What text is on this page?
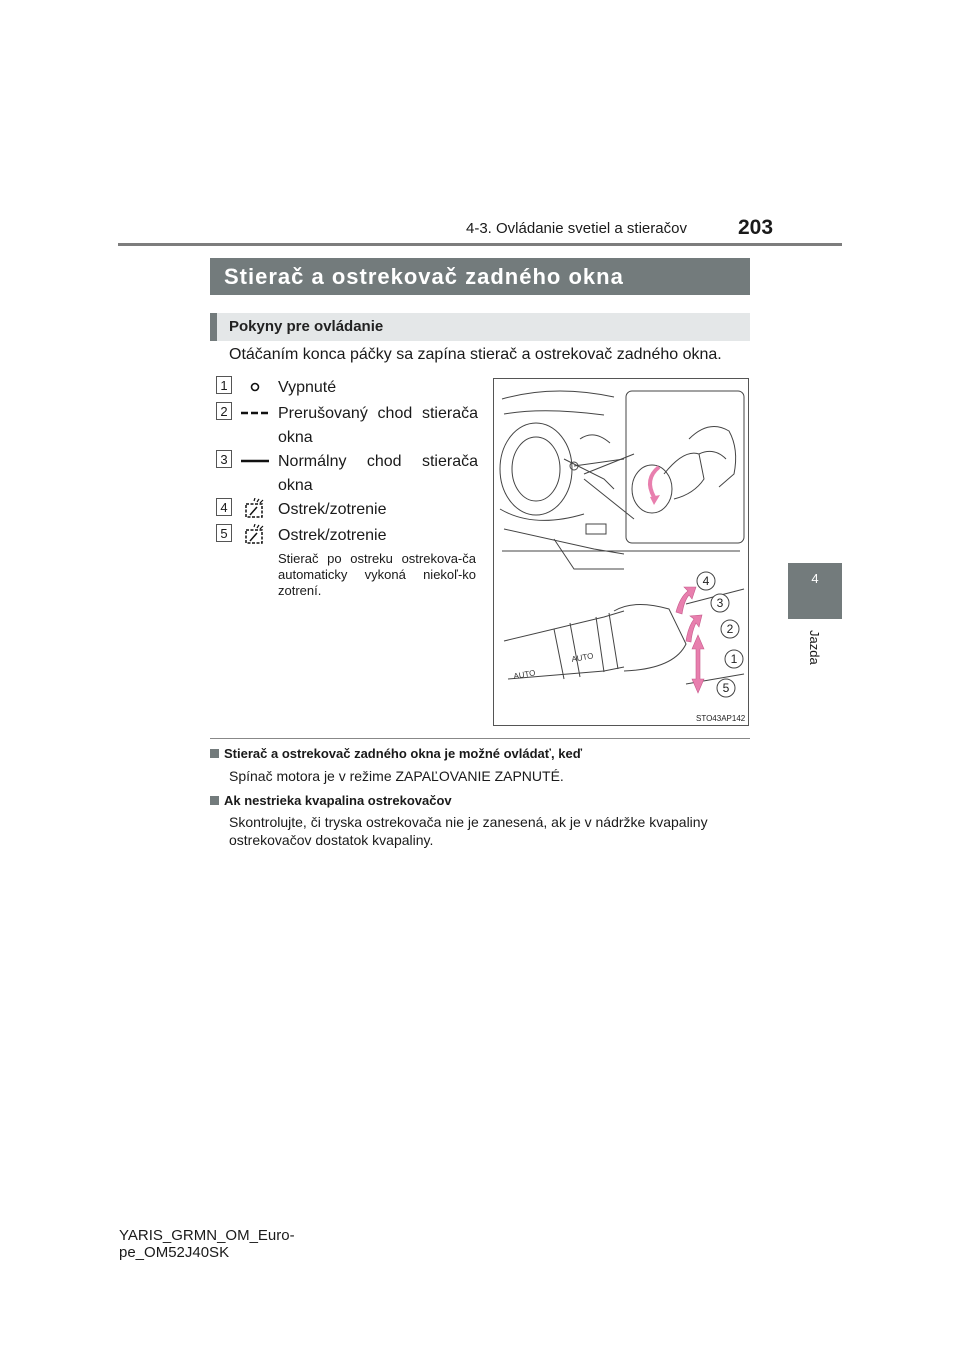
4-3. Ovládanie svetiel a stieračov 203
4
Jazda
Stierač a ostrekovač zadného okna
Pokyny pre ovládanie
Otáčaním konca páčky sa zapína stierač a ostrekovač zadného okna.
1	Vypnuté
2	Prerušovaný chod stierača okna
3	Normálny chod stierača okna
4	Ostrek/zotrenie
5	Ostrek/zotrenie
Stierač po ostreku ostrekova-ča automaticky vykoná niekoľ-ko zotrení.
AUTO
AUTO
4
3
2
1
5
STO43AP142
Stierač a ostrekovač zadného okna je možné ovládať, keď
Spínač motora je v režime ZAPAĽOVANIE ZAPNUTÉ.
Ak nestrieka kvapalina ostrekovačov
Skontrolujte, či tryska ostrekovača nie je zanesená, ak je v nádržke kvapaliny ostrekovačov dostatok kvapaliny.
YARIS_GRMN_OM_Euro-
pe_OM52J40SK
